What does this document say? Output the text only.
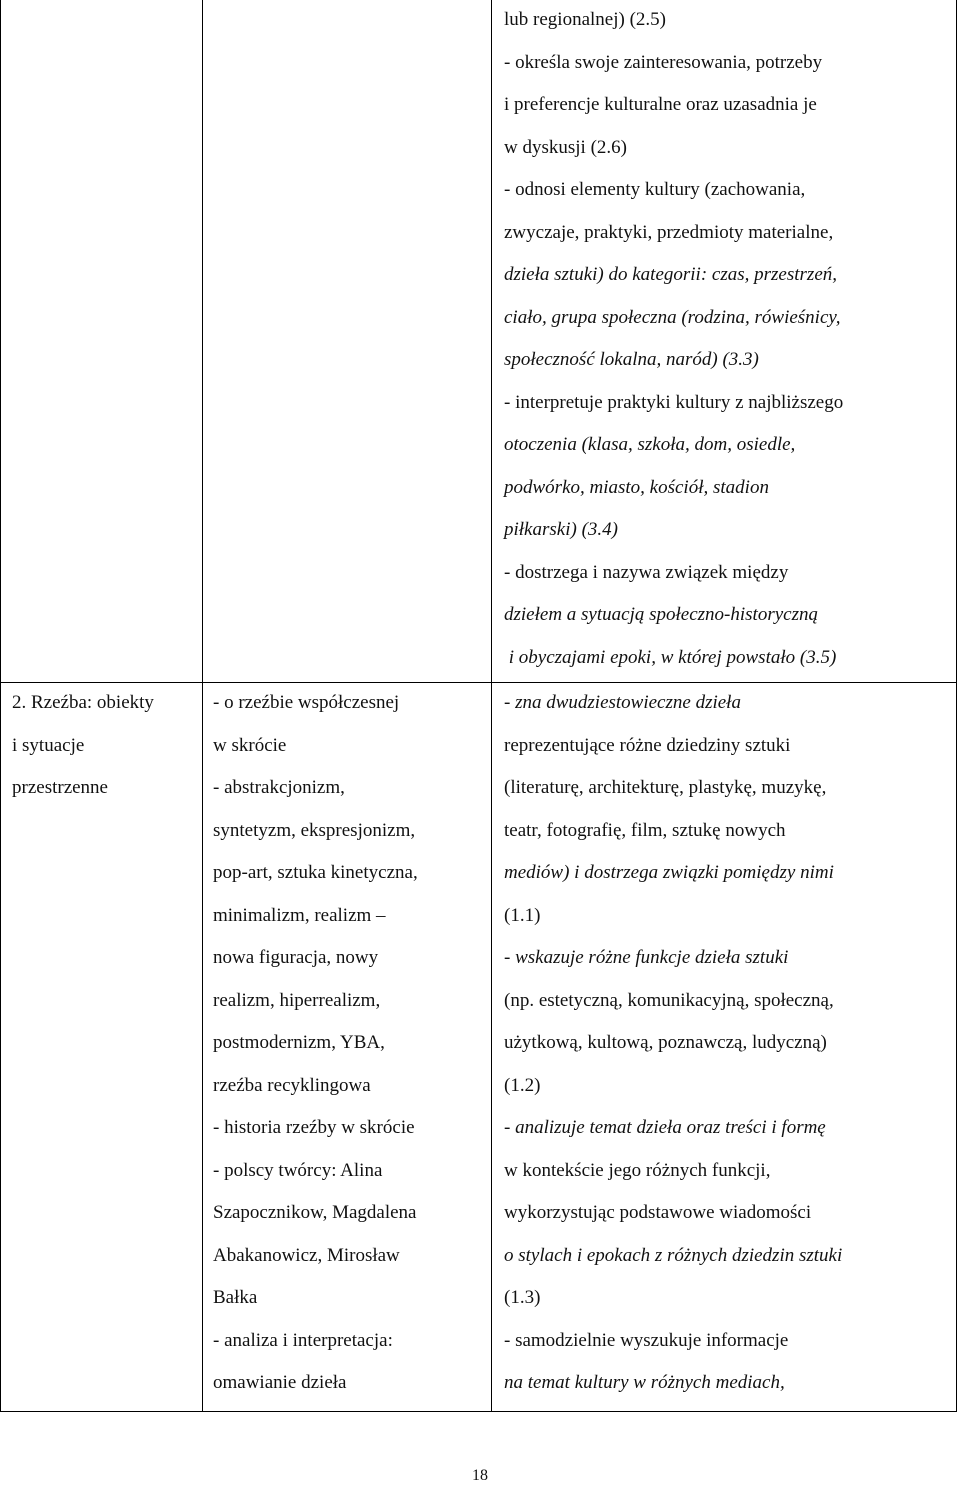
lub regionalnej) (2.5)
- określa swoje zainteresowania, potrzeby
i preferencje kulturalne oraz uzasadnia je
w dyskusji (2.6)
- odnosi elementy kultury (zachowania,
zwyczaje, praktyki, przedmioty materialne,
dzieła sztuki) do kategorii: czas, przestrzeń,
ciało, grupa społeczna (rodzina, rówieśnicy,
społeczność lokalna, naród) (3.3)
- interpretuje praktyki kultury z najbliższego
otoczenia (klasa, szkoła, dom, osiedle,
podwórko, miasto, kościół, stadion
piłkarski) (3.4)
- dostrzega i nazywa związek między
dziełem a sytuacją społeczno-historyczną
i obyczajami epoki, w której powstało (3.5)
2. Rzeźba: obiekty
i sytuacje
przestrzenne
- o rzeźbie współczesnej
w skrócie
- abstrakcjonizm,
syntetyzm, ekspresjonizm,
pop-art, sztuka kinetyczna,
minimalizm, realizm –
nowa figuracja, nowy
realizm, hiperrealizm,
postmodernizm, YBA,
rzeźba recyklingowa
- historia rzeźby w skrócie
- polscy twórcy: Alina
Szapocznikow, Magdalena
Abakanowicz, Mirosław
Bałka
- analiza i interpretacja:
omawianie dzieła
- zna dwudziestowieczne dzieła
reprezentujące różne dziedziny sztuki
(literaturę, architekturę, plastykę, muzykę,
teatr, fotografię, film, sztukę nowych
mediów) i dostrzega związki pomiędzy nimi
(1.1)
- wskazuje różne funkcje dzieła sztuki
(np. estetyczną, komunikacyjną, społeczną,
użytkową, kultową, poznawczą, ludyczną)
(1.2)
- analizuje temat dzieła oraz treści i formę
w kontekście jego różnych funkcji,
wykorzystując podstawowe wiadomości
o stylach i epokach z różnych dziedzin sztuki
(1.3)
- samodzielnie wyszukuje informacje
na temat kultury w różnych mediach,
18
